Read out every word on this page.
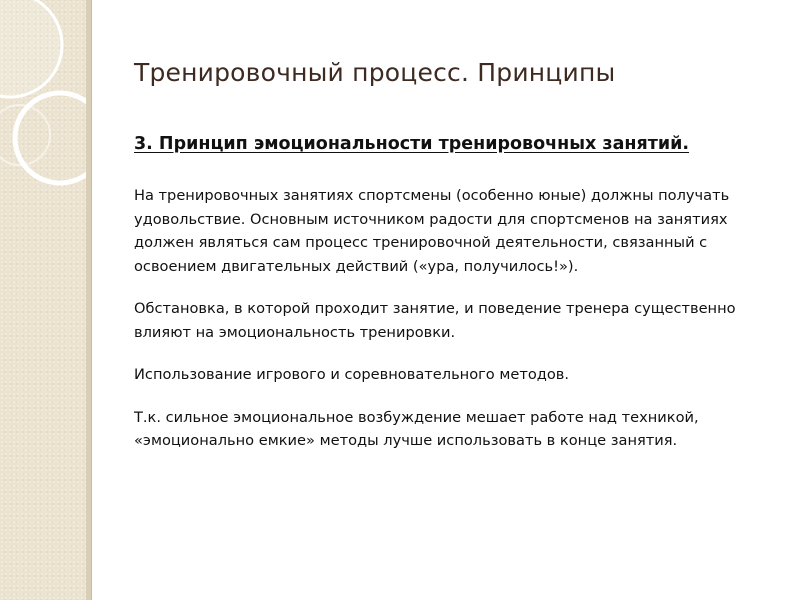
Тренировочный процесс. Принципы
3. Принцип эмоциональности тренировочных занятий.

На тренировочных занятиях спортсмены (особенно юные) должны получать удовольствие. Основным источником радости для спортсменов на занятиях должен являться сам процесс тренировочной деятельности, связанный с освоением двигательных действий («ура, получилось!»).

Обстановка, в которой проходит занятие, и поведение тренера существенно влияют на эмоциональность тренировки.

Использование игрового и соревновательного методов.

Т.к. сильное эмоциональное возбуждение мешает работе над техникой, «эмоционально емкие» методы лучше использовать в конце занятия.
